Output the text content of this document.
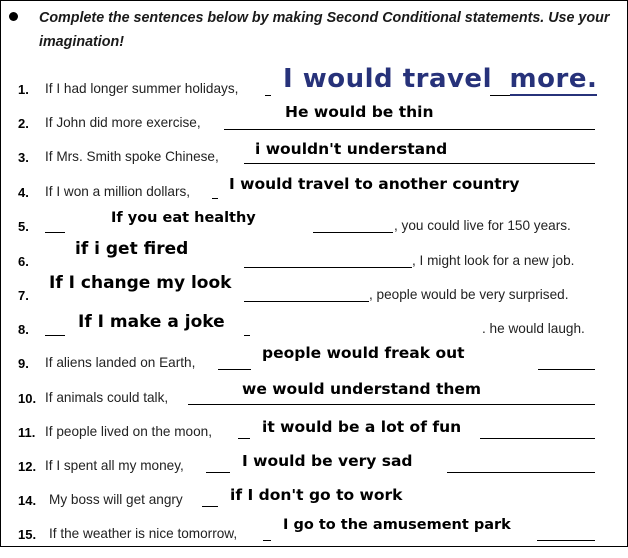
Complete the sentences below by making Second Conditional statements. Use your
imagination!
1. If I had longer summer holidays, I would travel more.
2. If John did more exercise,
He would be thin
3. If Mrs. Smith spoke Chinese, i wouldn't understand
4. If I won a million dollars,	I would travel to another country
5.	, you could live for 150 years.
If you eat healthy
6.	, I might look for a new job.
if i get fired
7.	, people would be very surprised.
If I change my look
8.	. he would laugh.
If I make a joke
9. If aliens landed on Earth,
people would freak out
10. If animals could talk,	we would understand them
11. If people lived on the moon,	it would be a lot of fun
12. If I spent all my money,	I would be very sad
14. My boss will get angry	if I don't go to work
15. If the weather is nice tomorrow,
I go to the amusement park
